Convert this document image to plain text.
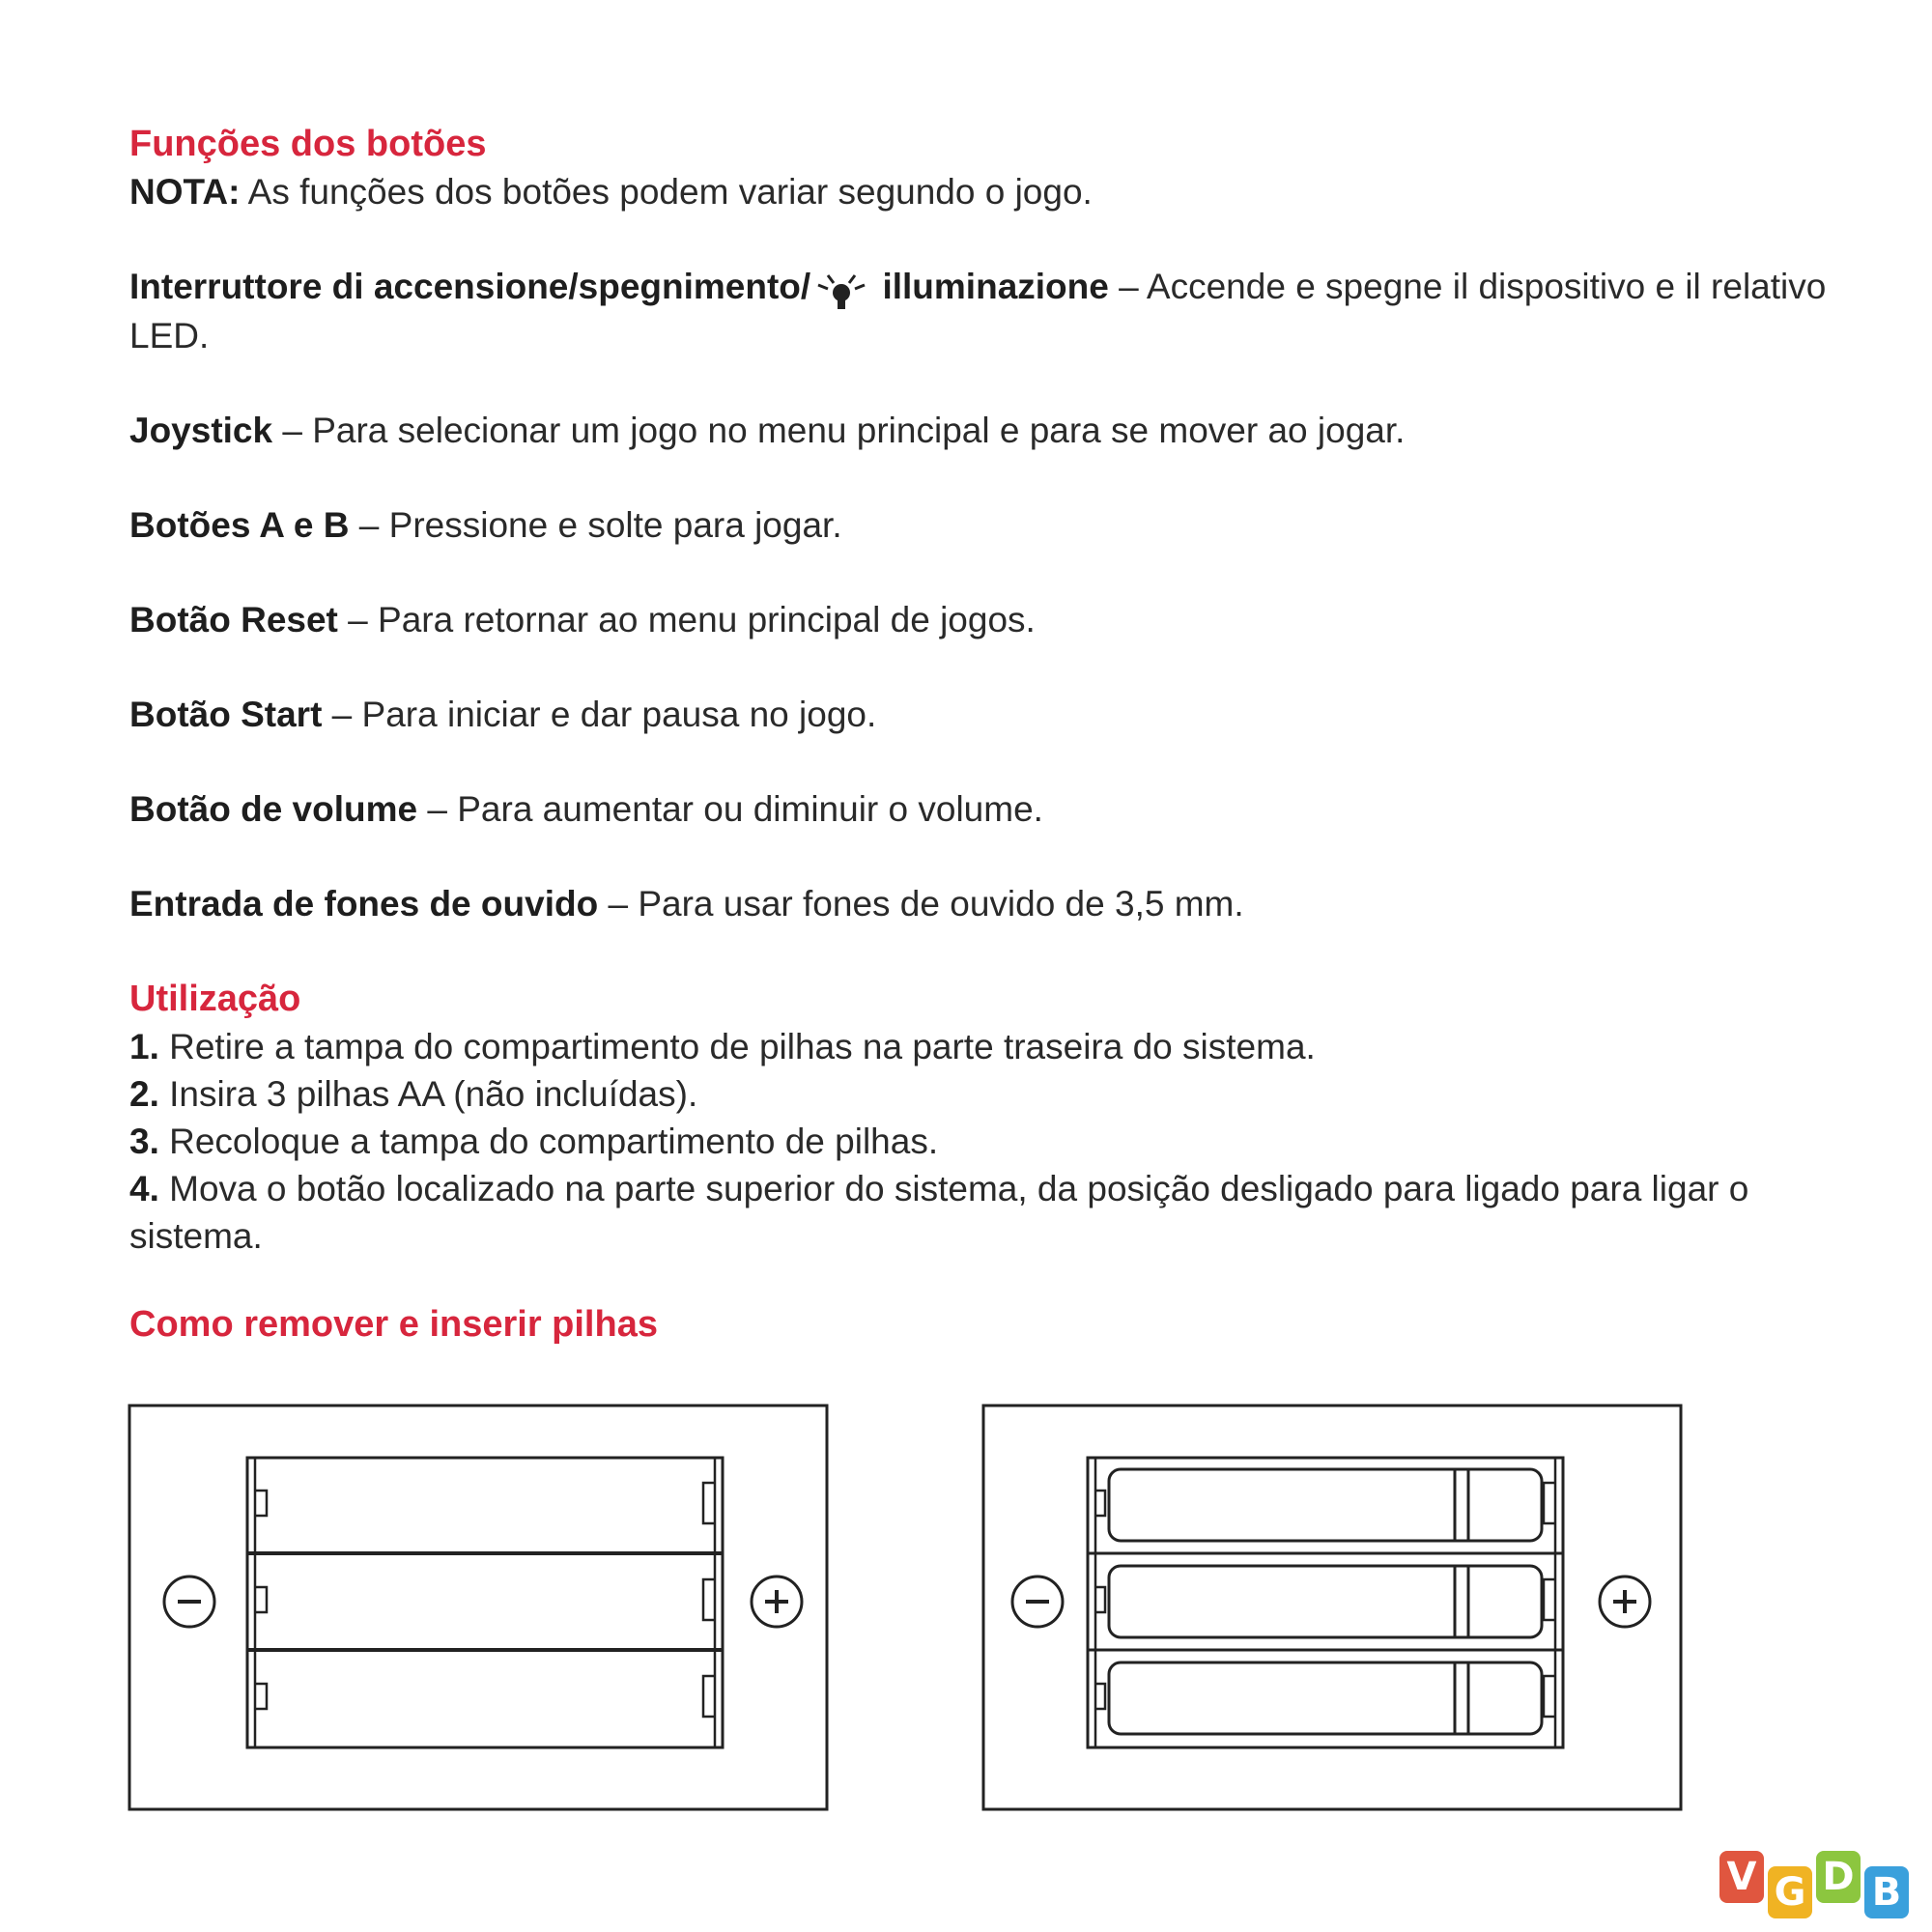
Funções dos botões

NOTA: As funções dos botões podem variar segundo o jogo.

Interruttore di accensione/spegnimento/ illuminazione – Accende e spegne il dispositivo e il relativo LED.

Joystick – Para selecionar um jogo no menu principal e para se mover ao jogar.

Botões A e B – Pressione e solte para jogar.

Botão Reset – Para retornar ao menu principal de jogos.

Botão Start – Para iniciar e dar pausa no jogo.

Botão de volume – Para aumentar ou diminuir o volume.

Entrada de fones de ouvido – Para usar fones de ouvido de 3,5 mm.

Utilização

1. Retire a tampa do compartimento de pilhas na parte traseira do sistema.

2. Insira 3 pilhas AA (não incluídas).

3. Recoloque a tampa do compartimento de pilhas.

4. Mova o botão localizado na parte superior do sistema, da posição desligado para ligado para ligar o sistema.

Como remover e inserir pilhas
V G D B
